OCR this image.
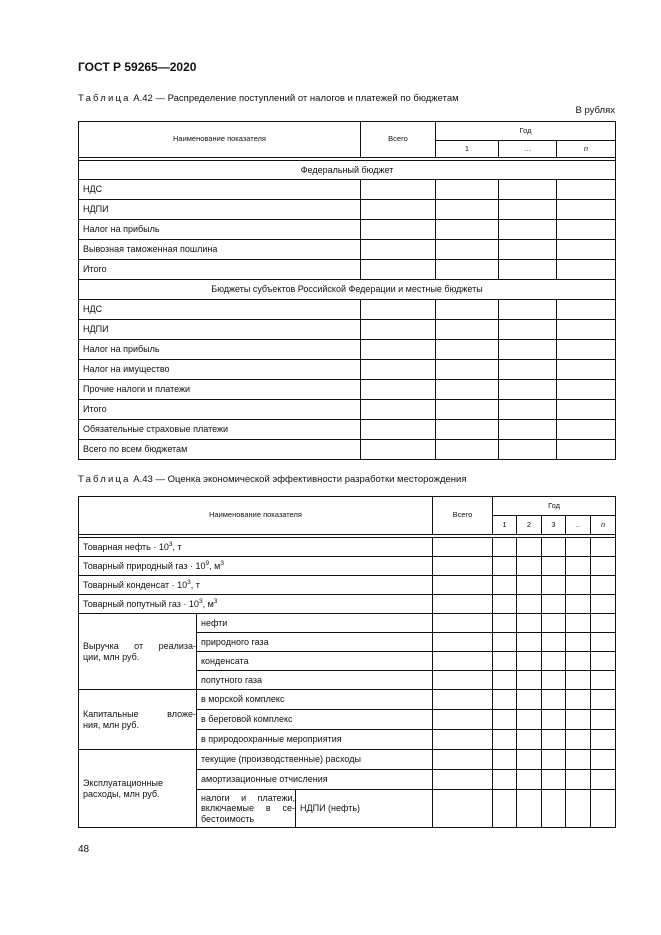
ГОСТ Р 59265—2020
Таблица А.42 — Распределение поступлений от налогов и платежей по бюджетам
В рублях
Наименование показателя	Всего	Год		
		1	…	n

Федеральный бюджет				
НДС				
НДПИ				
Налог на прибыль				
Вывозная таможенная пошлина				
Итого				
Бюджеты субъектов Российской Федерации и местные бюджеты				
НДС				
НДПИ				
Налог на прибыль				
Налог на имущество				
Прочие налоги и платежи				
Итого				
Обязательные страховые платежи				
Всего по всем бюджетам				
Таблица А.43 — Оценка экономической эффективности разработки месторождения
Наименование показателя			Всего	Год				
				1	2	3	..	n

Товарная нефть · $10^3$, т								
Товарный природный газ · $10^9$, $м^3$						
Товарный конденсат · $10^3$, т								
Товарный попутный газ · $10^3$, $м^3$						

Выручка от реализа-
ции, млн руб.	нефти							
	природного газа							
	конденсата							
	попутного газа							

Капитальные вложе-
ния, млн руб.	в морской комплекс							
	в береговой комплекс							
	в природоохранные мероприятия							

Эксплуатационные
расходы, млн руб.	текущие (производственные) расходы							
	амортизационные отчисления							

	налоги и платежи,
включаемые в се-
бестоимость	НДПИ (нефть)						
48
